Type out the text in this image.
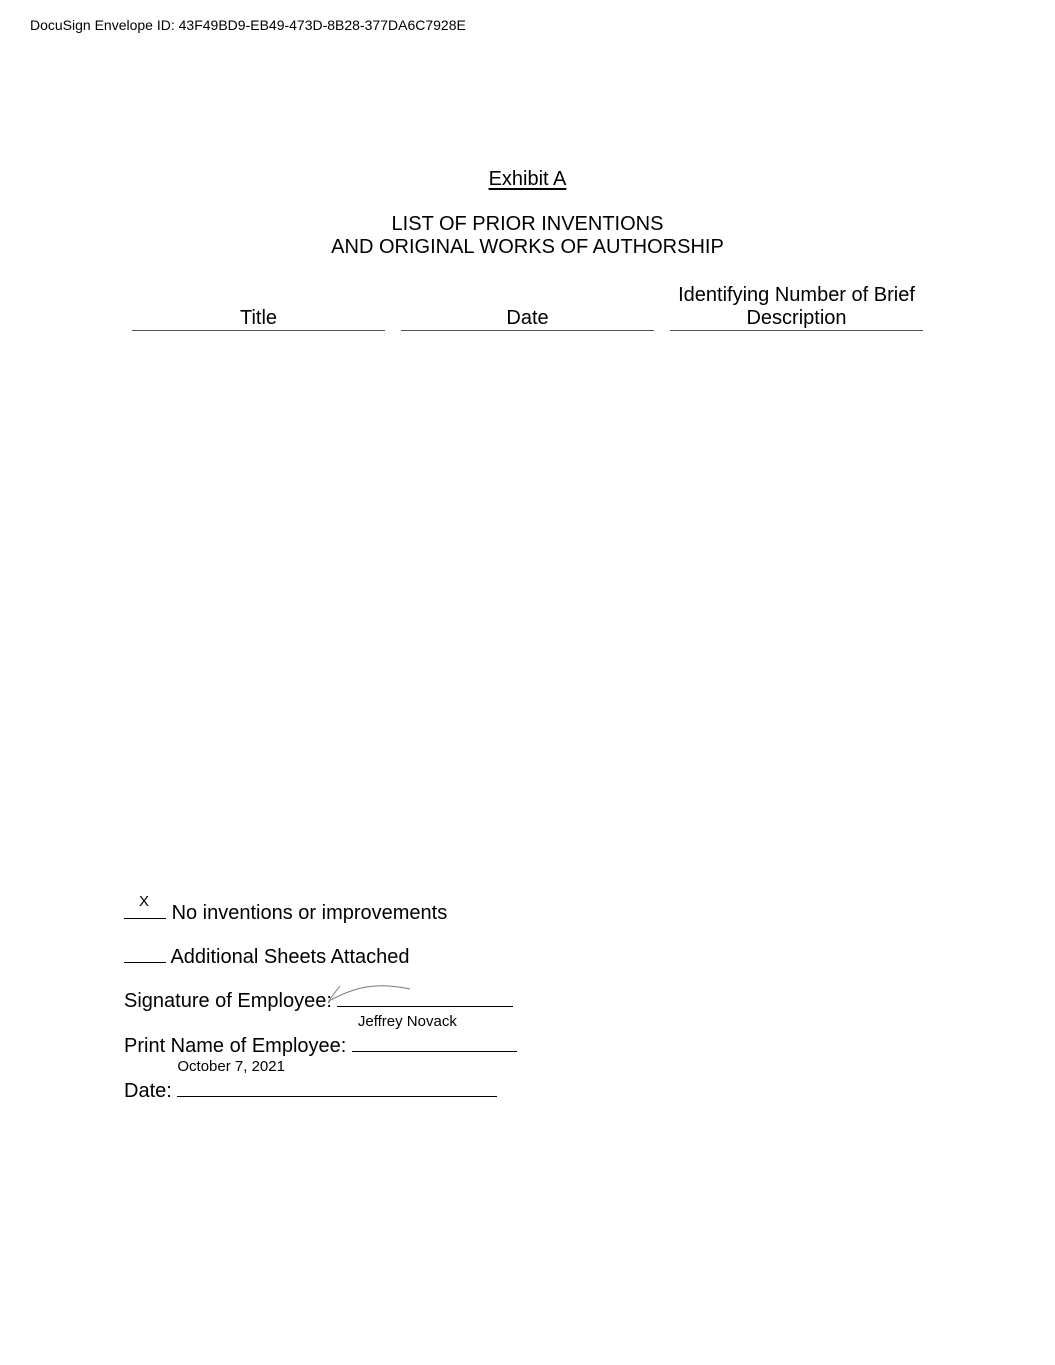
DocuSign Envelope ID: 43F49BD9-EB49-473D-8B28-377DA6C7928E
Exhibit A
LIST OF PRIOR INVENTIONS
AND ORIGINAL WORKS OF AUTHORSHIP
Title	Date
Identifying Number of Brief Description
X
No inventions or improvements
Additional Sheets Attached
Signature of Employee:
Print Name of Employee:
Jeffrey Novack
Date:
October 7, 2021
